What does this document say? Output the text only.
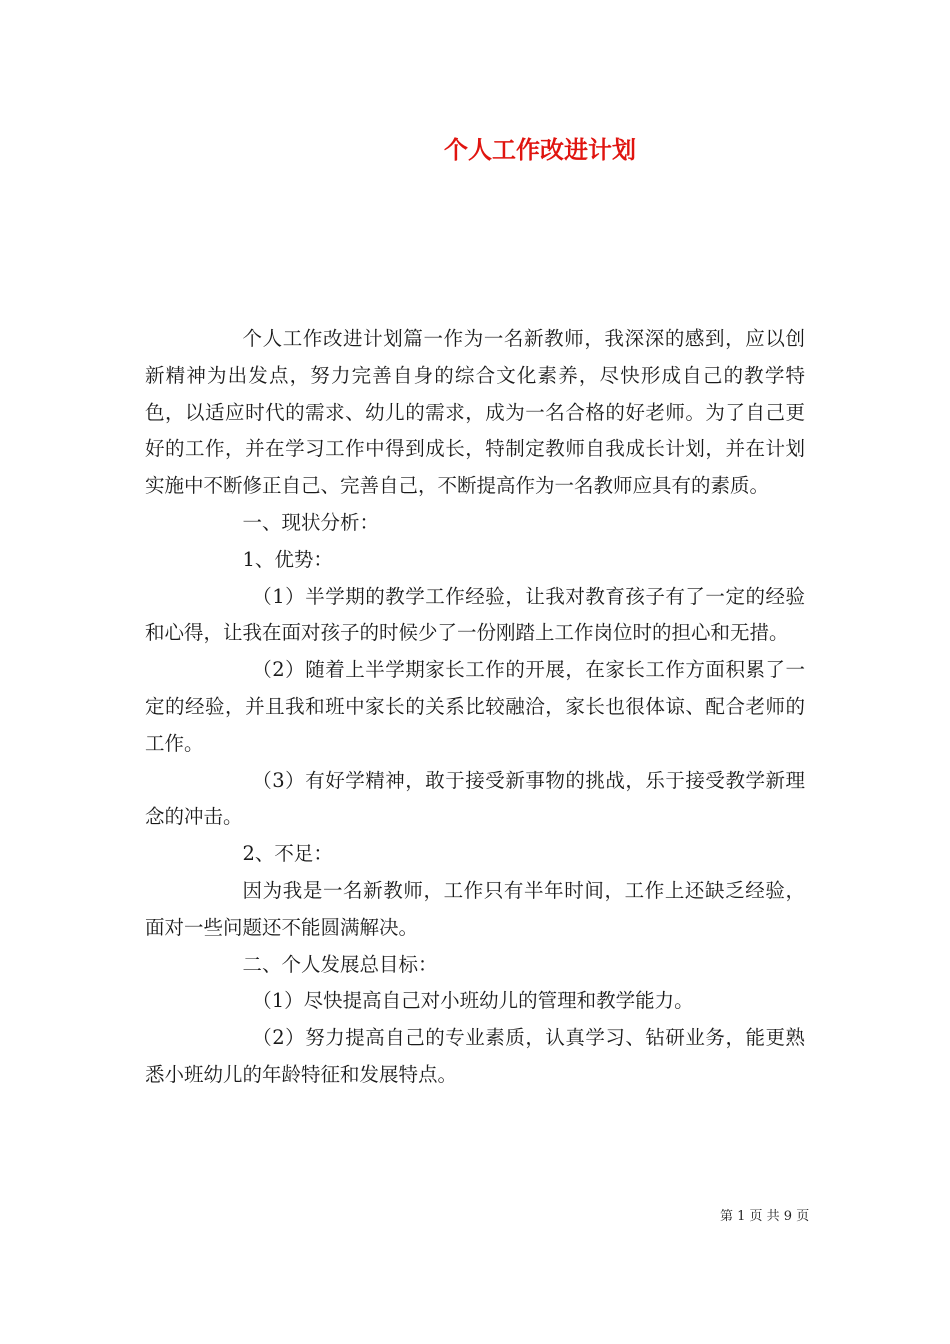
个人工作改进计划

个人工作改进计划篇一作为一名新教师，我深深的感到，应以创新精神为出发点，努力完善自身的综合文化素养，尽快形成自己的教学特色，以适应时代的需求、幼儿的需求，成为一名合格的好老师。为了自己更好的工作，并在学习工作中得到成长，特制定教师自我成长计划，并在计划实施中不断修正自己、完善自己，不断提高作为一名教师应具有的素质。

一、现状分析：

1、优势：

（1）半学期的教学工作经验，让我对教育孩子有了一定的经验和心得，让我在面对孩子的时候少了一份刚踏上工作岗位时的担心和无措。

（2）随着上半学期家长工作的开展，在家长工作方面积累了一定的经验，并且我和班中家长的关系比较融洽，家长也很体谅、配合老师的工作。

（3）有好学精神，敢于接受新事物的挑战，乐于接受教学新理念的冲击。

2、不足：

因为我是一名新教师，工作只有半年时间，工作上还缺乏经验，面对一些问题还不能圆满解决。

二、个人发展总目标：

（1）尽快提高自己对小班幼儿的管理和教学能力。

（2）努力提高自己的专业素质，认真学习、钻研业务，能更熟悉小班幼儿的年龄特征和发展特点。

第 1 页 共 9 页
